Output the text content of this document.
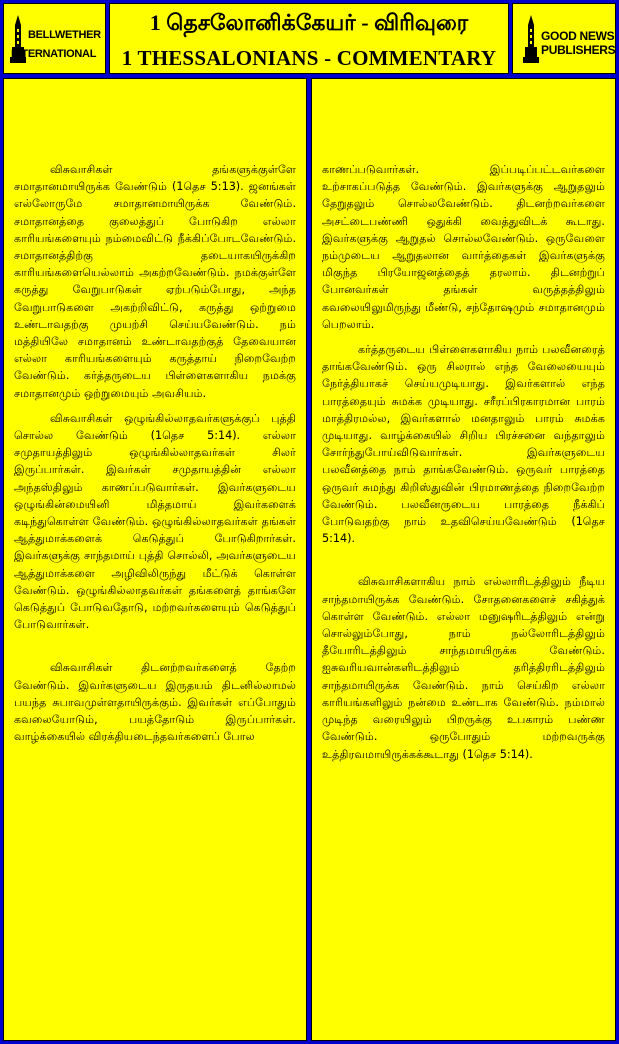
BELLWETHER
INTERNATIONAL
1 தெசலோனிக்கேயர் - விரிவுரை
1 THESSALONIANS - COMMENTARY
GOOD NEWS
PUBLISHERS

விசுவாசிகள் தங்களுக்குள்ளே சமாதானமாயிருக்க வேண்டும் (1தெச 5:13). ஜனங்கள் எல்லோருமே சமாதானமாயிருக்க வேண்டும். சமாதானத்தை குலைத்துப் போடுகிற எல்லா காரியங்களையும் நம்மைவிட்டு நீக்கிப்போடவேண்டும். சமாதானத்திற்கு தடையாகயிருக்கிற காரியங்களையெல்லாம் அகற்றவேண்டும். நமக்குள்ளே கருத்து வேறுபாடுகள் ஏற்படும்போது, அந்த வேறுபாடுகளை அகற்றிவிட்டு, கருத்து ஒற்றுமை உண்டாவதற்கு முயற்சி செய்யவேண்டும். நம் மத்தியிலே சமாதானம் உண்டாவதற்குத் தேவையான எல்லா காரியங்களையும் கருத்தாய் நிறைவேற்ற வேண்டும். கர்த்தருடைய பிள்ளைகளாகிய நமக்கு சமாதானமும் ஒற்றுமையும் அவசியம்.

விசுவாசிகள் ஒழுங்கில்லாதவர்களுக்குப் புத்தி சொல்ல வேண்டும் (1தெச 5:14). எல்லா சமுதாயத்திலும் ஒழுங்கில்லாதவர்கள் சிலர் இருப்பார்கள். இவர்கள் சமுதாயத்தின் எல்லா அந்தஸ்திலும் காணப்படுவார்கள். இவர்களுடைய ஒழுங்கின்மையினி மித்தமாய் இவர்களைக் கடிந்துகொள்ள வேண்டும். ஒழுங்கில்லாதவர்கள் தங்கள் ஆத்துமாக்களைக் கெடுத்துப் போடுகிறார்கள். இவர்களுக்கு சாந்தமாய் புத்தி சொல்லி, அவர்களுடைய ஆத்துமாக்களை அழிவிலிருந்து மீட்டுக் கொள்ள வேண்டும். ஒழுங்கில்லாதவர்கள் தங்களைத் தாங்களே கெடுத்துப் போடுவதோடு, மற்றவர்களையும் கெடுத்துப் போடுவார்கள்.

விசுவாசிகள் திடனற்றவர்களைத் தேற்ற வேண்டும். இவர்களுடைய இருதயம் திடனில்லாமல் பயந்த சுபாவமுள்ளதாயிருக்கும். இவர்கள் எப்போதும் கவலையோடும், பயத்தோடும் இருப்பார்கள். வாழ்க்கையில் விரக்தியடைந்தவர்களைப் போல

காணப்படுவார்கள். இப்படிப்பட்டவர்களை உற்சாகப்படுத்த வேண்டும். இவர்களுக்கு ஆறுதலும் தேறுதலும் சொல்லவேண்டும். திடனற்றவர்களை அசட்டைபண்ணி ஒதுக்கி வைத்துவிடக் கூடாது. இவர்களுக்கு ஆறுதல் சொல்லவேண்டும். ஒருவேளை நம்முடைய ஆறுதலான வார்த்தைகள் இவர்களுக்கு மிகுந்த பிரயோஜனத்தைத் தரலாம். திடனற்றுப் போனவர்கள் தங்கள் வருத்தத்திலும் கவலையிலுமிருந்து மீண்டு, சந்தோஷமும் சமாதானமும் பெறலாம்.

கர்த்தருடைய பிள்ளைகளாகிய நாம் பலவீனரைத் தாங்கவேண்டும். ஒரு சிலரால் எந்த வேலையையும் நேர்த்தியாகச் செய்யமுடியாது. இவர்களால் எந்த பாரத்தையும் சுமக்க முடியாது. சரீரப்பிரகாரமான பாரம் மாத்திரமல்ல, இவர்களால் மனதாலும் பாரம் சுமக்க முடியாது. வாழ்க்கையில் சிறிய பிரச்சனை வந்தாலும் சோர்ந்துபோய்விடுவார்கள். இவர்களுடைய பலவீனத்தை நாம் தாங்கவேண்டும். ஒருவர் பாரத்தை ஒருவர் சுமந்து கிறிஸ்துவின் பிரமாணத்தை நிறைவேற்ற வேண்டும். பலவீனருடைய பாரத்தை நீக்கிப் போடுவதற்கு நாம் உதவிசெய்யவேண்டும் (1தெச 5:14).

விசுவாசிகளாகிய நாம் எல்லாரிடத்திலும் நீடிய சாந்தமாயிருக்க வேண்டும். சோதனைகளைச் சகித்துக் கொள்ள வேண்டும். எல்லா மனுஷரிடத்திலும் என்று சொல்லும்போது, நாம் நல்லோரிடத்திலும் தீயோரிடத்திலும் சாந்தமாயிருக்க வேண்டும். ஐசுவரியவான்களிடத்திலும் தரித்திரரிடத்திலும் சாந்தமாயிருக்க வேண்டும். நாம் செய்கிற எல்லா காரியங்களிலும் நன்மை உண்டாக வேண்டும். நம்மால் முடிந்த வரையிலும் பிறருக்கு உபகாரம் பண்ண வேண்டும். ஒருபோதும் மற்றவருக்கு உத்திரவமாயிருக்கக்கூடாது (1தெச 5:14).
